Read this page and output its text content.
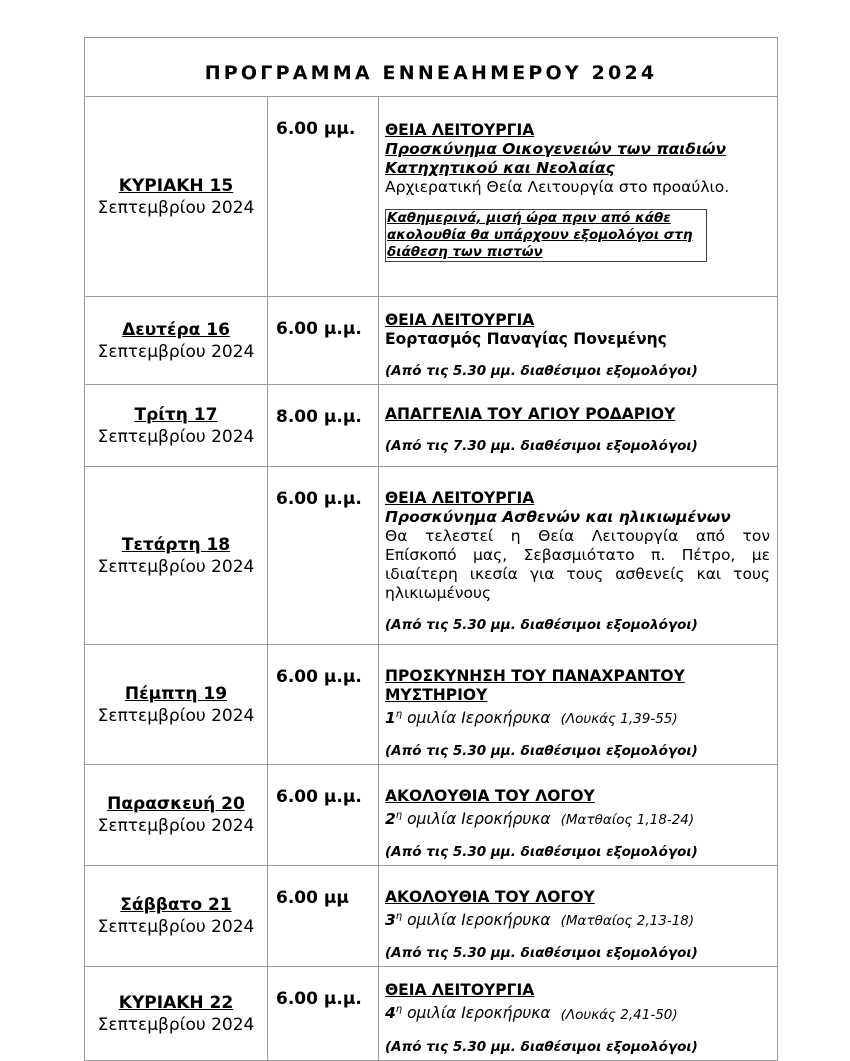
ΠΡΟΓΡΑΜΜΑ ΕΝΝΕΑΗΜΕΡΟΥ 2024		

ΚΥΡΙΑΚΗ 15
Σεπτεμβρίου 2024	6.00 μμ.	ΘΕΙΑ ΛΕΙΤΟΥΡΓΙΑ
Προσκύνημα Οικογενειών των παιδιών Κατηχητικού και Νεολαίας
Αρχιερατική Θεία Λειτουργία στο προαύλιο.
Καθημερινά, μισή ώρα πριν από κάθε ακολουθία θα υπάρχουν εξομολόγοι στη διάθεση των πιστών

Δευτέρα 16
Σεπτεμβρίου 2024	6.00 μ.μ.	ΘΕΙΑ ΛΕΙΤΟΥΡΓΙΑ
Εορτασμός Παναγίας Πονεμένης
(Από τις 5.30 μμ. διαθέσιμοι εξομολόγοι)

Τρίτη 17
Σεπτεμβρίου 2024	8.00 μ.μ.	ΑΠΑΓΓΕΛΙΑ ΤΟΥ ΑΓΙΟΥ ΡΟΔΑΡΙΟΥ
(Από τις 7.30 μμ. διαθέσιμοι εξομολόγοι)

Τετάρτη 18
Σεπτεμβρίου 2024	6.00 μ.μ.	ΘΕΙΑ ΛΕΙΤΟΥΡΓΙΑ
Προσκύνημα Ασθενών και ηλικιωμένων
Θα τελεστεί η Θεία Λειτουργία από τον Επίσκοπό μας, Σεβασμιότατο π. Πέτρο, με ιδιαίτερη ικεσία για τους ασθενείς και τους ηλικιωμένους
(Από τις 5.30 μμ. διαθέσιμοι εξομολόγοι)

Πέμπτη 19
Σεπτεμβρίου 2024	6.00 μ.μ.	ΠΡΟΣΚΥΝΗΣΗ ΤΟΥ ΠΑΝΑΧΡΑΝΤΟΥ ΜΥΣΤΗΡΙΟΥ
$1^\eta$ ομιλία Ιεροκήρυκα (Λουκάς 1,39-55)
(Από τις 5.30 μμ. διαθέσιμοι εξομολόγοι)

Παρασκευή 20
Σεπτεμβρίου 2024	6.00 μ.μ.	ΑΚΟΛΟΥΘΙΑ ΤΟΥ ΛΟΓΟΥ
$2^\eta$ ομιλία Ιεροκήρυκα (Ματθαίος 1,18-24)
(Από τις 5.30 μμ. διαθέσιμοι εξομολόγοι)

Σάββατο 21
Σεπτεμβρίου 2024	6.00 μμ	ΑΚΟΛΟΥΘΙΑ ΤΟΥ ΛΟΓΟΥ
$3^\eta$ ομιλία Ιεροκήρυκα (Ματθαίος 2,13-18)
(Από τις 5.30 μμ. διαθέσιμοι εξομολόγοι)

ΚΥΡΙΑΚΗ 22
Σεπτεμβρίου 2024	6.00 μ.μ.	ΘΕΙΑ ΛΕΙΤΟΥΡΓΙΑ
$4^\eta$ ομιλία Ιεροκήρυκα (Λουκάς 2,41-50)
(Από τις 5.30 μμ. διαθέσιμοι εξομολόγοι)
